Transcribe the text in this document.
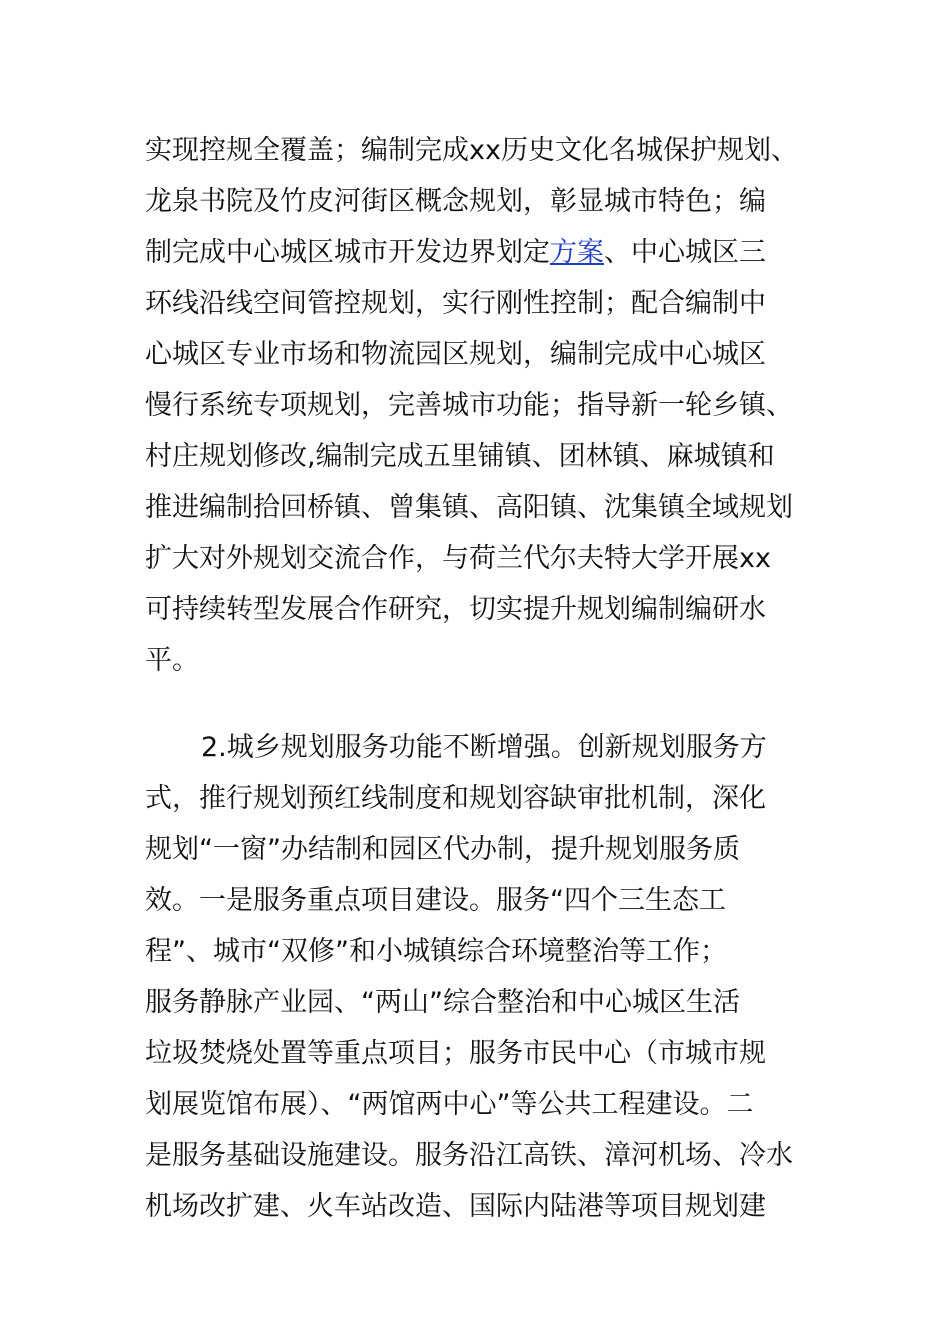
实现控规全覆盖；编制完成xx历史文化名城保护规划、
龙泉书院及竹皮河街区概念规划，彰显城市特色；编
制完成中心城区城市开发边界划定方案、中心城区三
环线沿线空间管控规划，实行刚性控制；配合编制中
心城区专业市场和物流园区规划，编制完成中心城区
慢行系统专项规划，完善城市功能；指导新一轮乡镇、
村庄规划修改,编制完成五里铺镇、团林镇、麻城镇和
推进编制拾回桥镇、曾集镇、高阳镇、沈集镇全域规划
扩大对外规划交流合作，与荷兰代尔夫特大学开展xx
可持续转型发展合作研究，切实提升规划编制编研水
平。
2.城乡规划服务功能不断增强。创新规划服务方
式，推行规划预红线制度和规划容缺审批机制，深化
规划“一窗”办结制和园区代办制，提升规划服务质
效。一是服务重点项目建设。服务“四个三生态工
程”、城市“双修”和小城镇综合环境整治等工作；
服务静脉产业园、“两山”综合整治和中心城区生活
垃圾焚烧处置等重点项目；服务市民中心（市城市规
划展览馆布展）、“两馆两中心”等公共工程建设。二
是服务基础设施建设。服务沿江高铁、漳河机场、冷水
机场改扩建、火车站改造、国际内陆港等项目规划建
